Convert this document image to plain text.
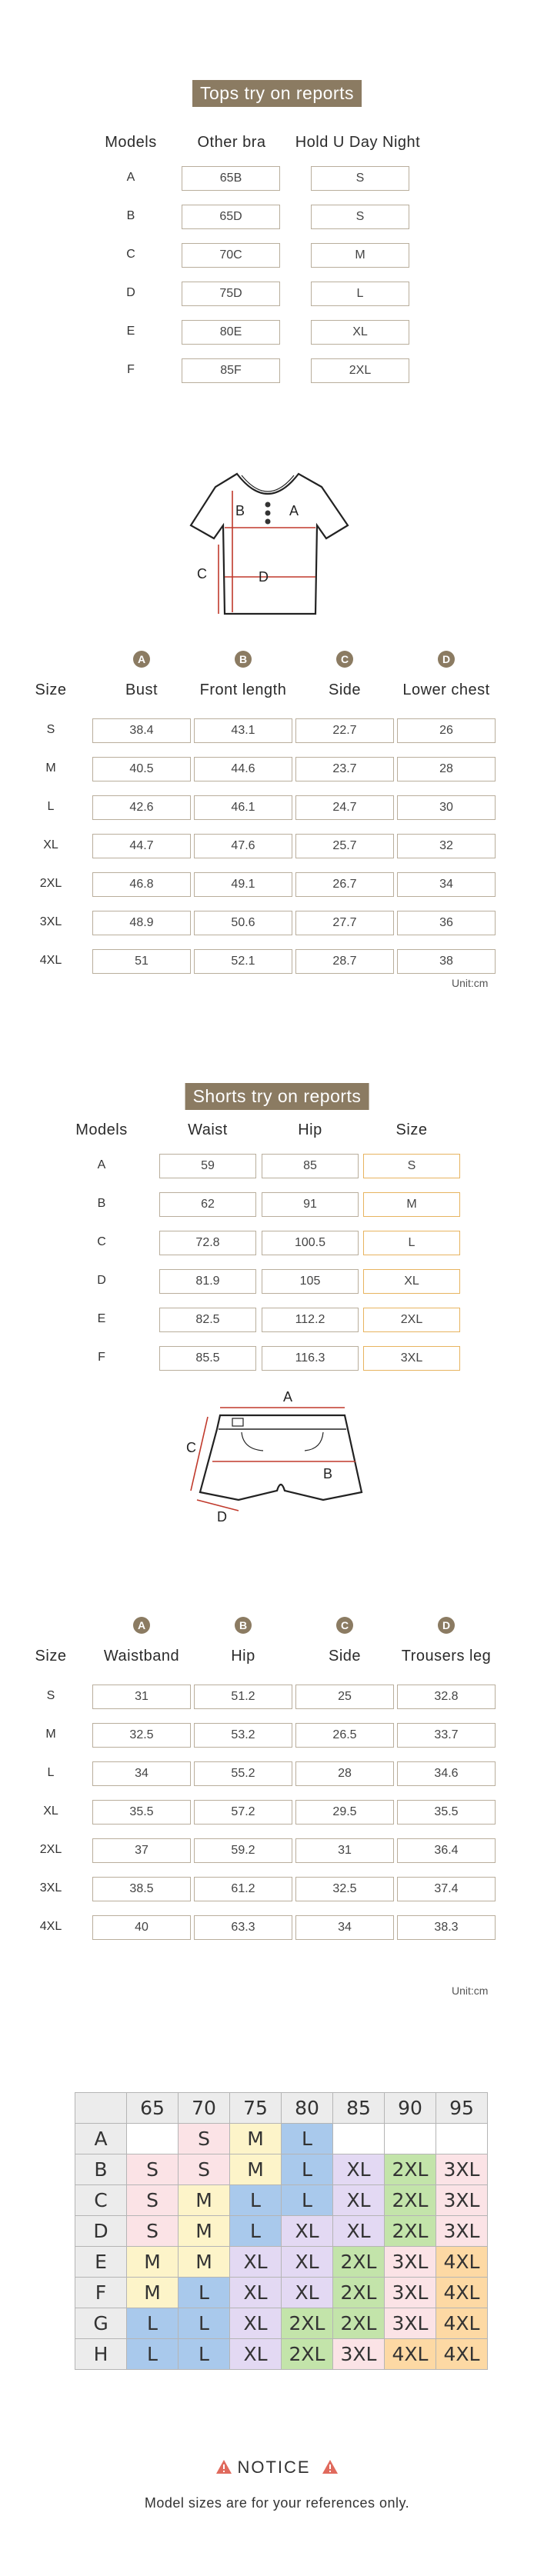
Tops try on reports
Models	Other bra	Hold U Day Night
A	65B	S
B	65D	S
C	70C	M
D	75D	L
E	80E	XL
F	85F	2XL
B	A
C	D
A	B	C	D
Size	Bust	Front length	Side	Lower chest
S	38.4	43.1	22.7	26
M	40.5	44.6	23.7	28
L	42.6	46.1	24.7	30
XL	44.7	47.6	25.7	32
2XL	46.8	49.1	26.7	34
3XL	48.9	50.6	27.7	36
4XL	51	52.1	28.7	38
Unit:cm
Shorts try on reports
Models	Waist	Hip	Size
A	59	85	S
B	62	91	M
C	72.8	100.5	L
D	81.9	105	XL
E	82.5	112.2	2XL
F	85.5	116.3	3XL
A
C
B
D
A	B	C	D
Size	Waistband	Hip	Side	Trousers leg
S	31	51.2	25	32.8
M	32.5	53.2	26.5	33.7
L	34	55.2	28	34.6
XL	35.5	57.2	29.5	35.5
2XL	37	59.2	31	36.4
3XL	38.5	61.2	32.5	37.4
4XL	40	63.3	34	38.3
Unit:cm
	65	70	75	80	85	90	95
A		S	M	L			
B	S	S	M	L	XL	2XL	3XL
C	S	M	L	L	XL	2XL	3XL
D	S	M	L	XL	XL	2XL	3XL
E	M	M	XL	XL	2XL	3XL	4XL
F	M	L	XL	XL	2XL	3XL	4XL
G	L	L	XL	2XL	2XL	3XL	4XL
H	L	L	XL	2XL	3XL	4XL	4XL
NOTICE
Model sizes are for your references only.
